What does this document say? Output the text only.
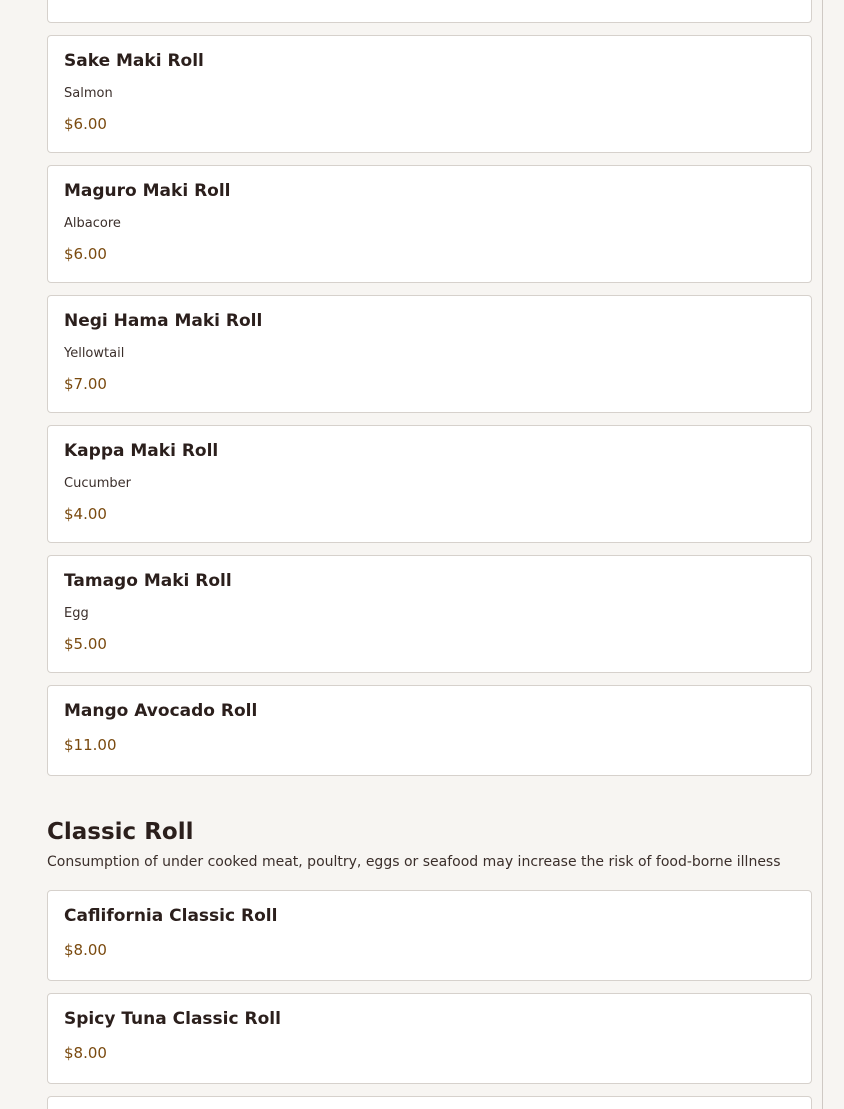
Sake Maki Roll
Salmon
$6.00
Maguro Maki Roll
Albacore
$6.00
Negi Hama Maki Roll
Yellowtail
$7.00
Kappa Maki Roll
Cucumber
$4.00
Tamago Maki Roll
Egg
$5.00
Mango Avocado Roll
$11.00
Classic Roll
Consumption of under cooked meat, poultry, eggs or seafood may increase the risk of food-borne illness
Caflifornia Classic Roll
$8.00
Spicy Tuna Classic Roll
$8.00
